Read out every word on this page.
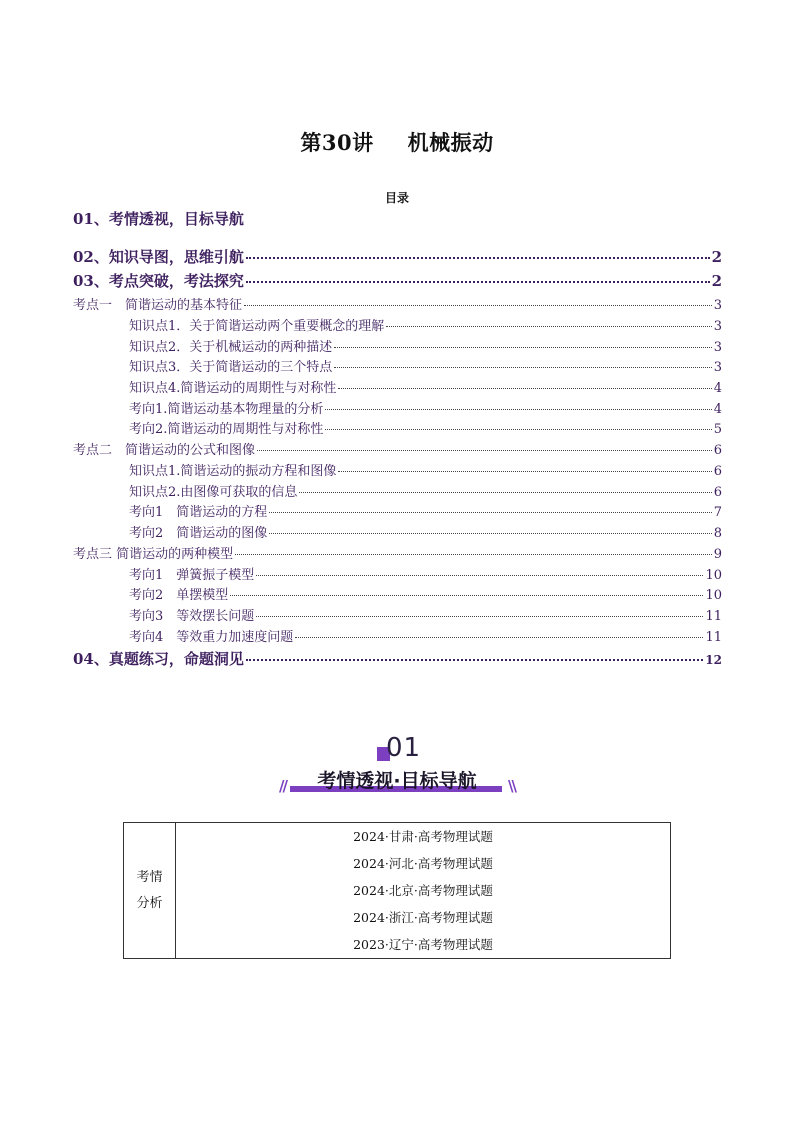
第30讲 机械振动
目录
01、考情透视，目标导航
02、知识导图，思维引航	2
03、考点突破，考法探究	2
考点一　简谐运动的基本特征	3
知识点1．关于简谐运动两个重要概念的理解	3
知识点2．关于机械运动的两种描述	3
知识点3．关于简谐运动的三个特点	3
知识点4.简谐运动的周期性与对称性	4
考向1.简谐运动基本物理量的分析	4
考向2.简谐运动的周期性与对称性	5
考点二　简谐运动的公式和图像	6
知识点1.简谐运动的振动方程和图像	6
知识点2.由图像可获取的信息	6
考向1　简谐运动的方程	7
考向2　简谐运动的图像	8
考点三 简谐运动的两种模型	9
考向1　弹簧振子模型	10
考向2　单摆模型	10
考向3　等效摆长问题	11
考向4　等效重力加速度问题	11
04、真题练习，命题洞见	12
01
//	考情透视·目标导航	\\
考情
分析

2024·甘肃·高考物理试题
2024·河北·高考物理试题
2024·北京·高考物理试题
2024·浙江·高考物理试题
2023·辽宁·高考物理试题
